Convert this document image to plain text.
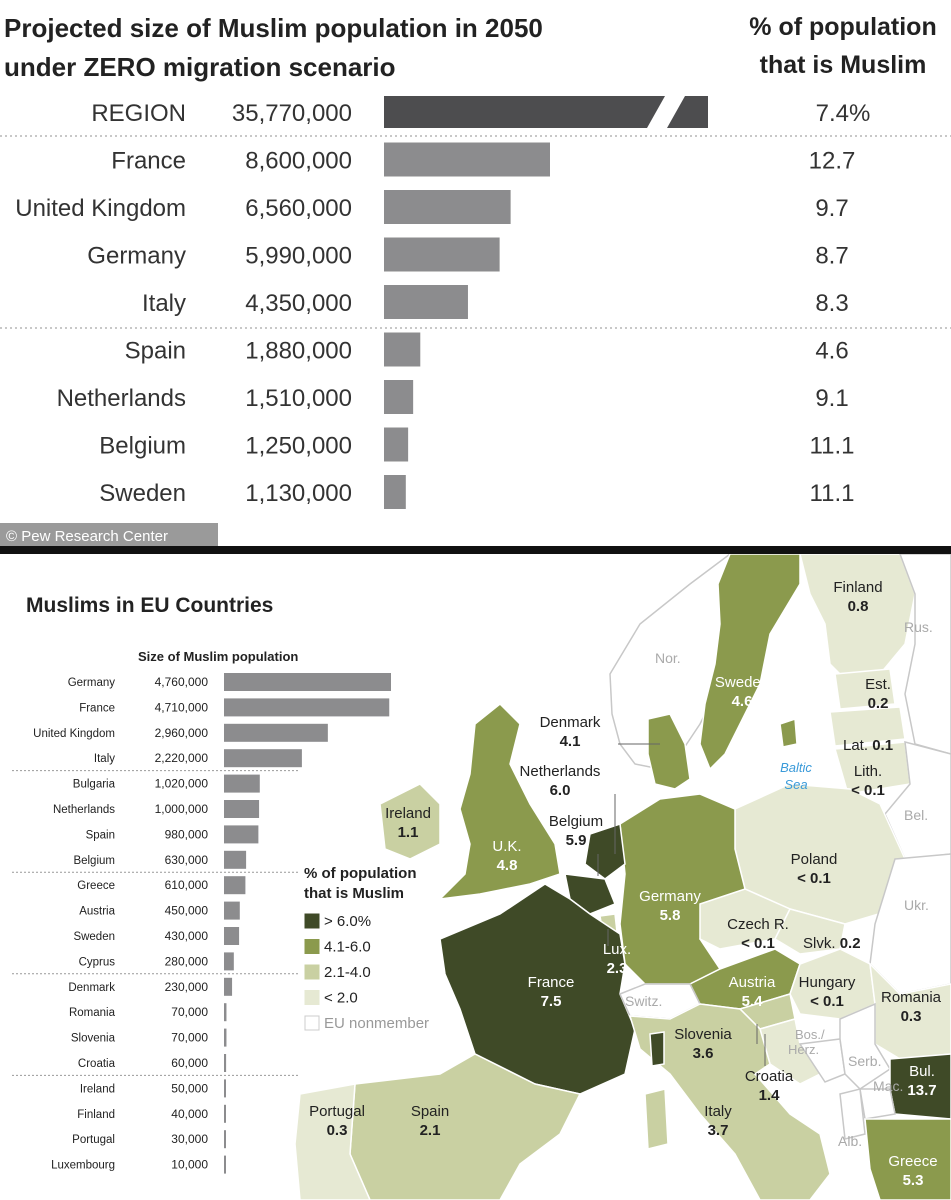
Projected size of Muslim population in 2050
under ZERO migration scenario
% of population
that is Muslim
REGION 35,770,000	7.4%
France 8,600,000	12.7
United Kingdom 6,560,000	9.7
Germany 5,990,000	8.7
Italy 4,350,000	8.3
Spain 1,880,000	4.6
Netherlands 1,510,000	9.1
Belgium 1,250,000	11.1
Sweden 1,130,000	11.1
© Pew Research Center
Muslims in EU Countries
Size of Muslim population
Germany	4,760,000
France	4,710,000
United Kingdom	2,960,000
Italy	2,220,000
Bulgaria	1,020,000
Netherlands	1,000,000
Spain	980,000
Belgium	630,000
Greece	610,000
Austria	450,000
Sweden	430,000
Cyprus	280,000
Denmark	230,000
Romania	70,000
Slovenia	70,000
Croatia	60,000
Ireland	50,000
Finland	40,000
Portugal	30,000
Luxembourg	10,000
% of population
that is Muslim
> 6.0%
4.1-6.0
2.1-4.0
< 2.0
EU nonmember
France
7.5
Germany
5.8
U.K.
4.8
Sweden
4.6
Denmark
4.1
Netherlands
6.0
Belgium
5.9
Ireland
1.1
Lux.
2.3
Austria
5.4
Finland
0.8
Est.
0.2
Lith.
< 0.1
Poland
< 0.1
Czech R.
< 0.1
Hungary
< 0.1 Romania
0.3
Slovenia
3.6
Croatia
1.4
Bul.
13.7
Greece
5.3
Portugal
0.3
Spain
2.1
Italy
3.7
Lat. 0.1
Slvk. 0.2
Nor.
Rus.
Bel.
Ukr.
Switz.
Bos./
Herz.
Serb.
Mac.
Alb.
Baltic
Sea
